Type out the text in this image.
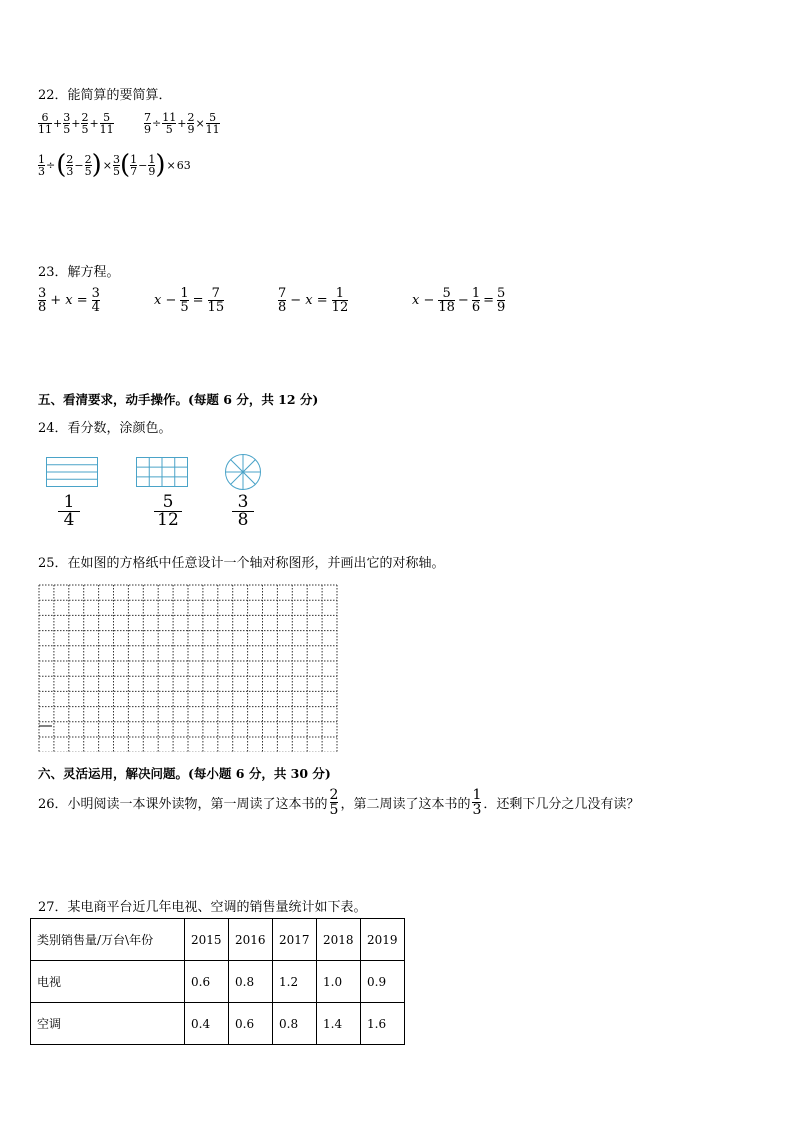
22．能简算的要简算．
$\frac{6}{11} + \frac{3}{5} + \frac{2}{5} + \frac{5}{11}$	$\frac{7}{9} \div \frac{11}{5} + \frac{2}{9} \times \frac{5}{11}$
$\frac{1}{3}$ ÷ ( $\frac{2}{3} - \frac{2}{5}$ ) × $\frac{3}{5}$ ( $\frac{1}{7} - \frac{1}{9}$ ) × 63
23．解方程。
$\frac{3}{8} + x = \frac{3}{4}$	$x - \frac{1}{5} = \frac{7}{15}$	$\frac{7}{8} - x = \frac{1}{12}$	$x - \frac{5}{18} - \frac{1}{6} = \frac{5}{9}$
五、看清要求，动手操作。(每题 6 分，共 12 分)
24．看分数，涂颜色。
1
4
5
12
3
8
25．在如图的方格纸中任意设计一个轴对称图形，并画出它的对称轴。
六、灵活运用，解决问题。(每小题 6 分，共 30 分)
26．小明阅读一本课外读物，第一周读了这本书的 $\frac{2}{5}$ ，第二周读了这本书的 $\frac{1}{3}$ ．还剩下几分之几没有读？
27．某电商平台近几年电视、空调的销售量统计如下表。
类别销售量/万台\年份	2015	2016	2017	2018	2019
电视	0.6	0.8	1.2	1.0	0.9
空调	0.4	0.6	0.8	1.4	1.6
